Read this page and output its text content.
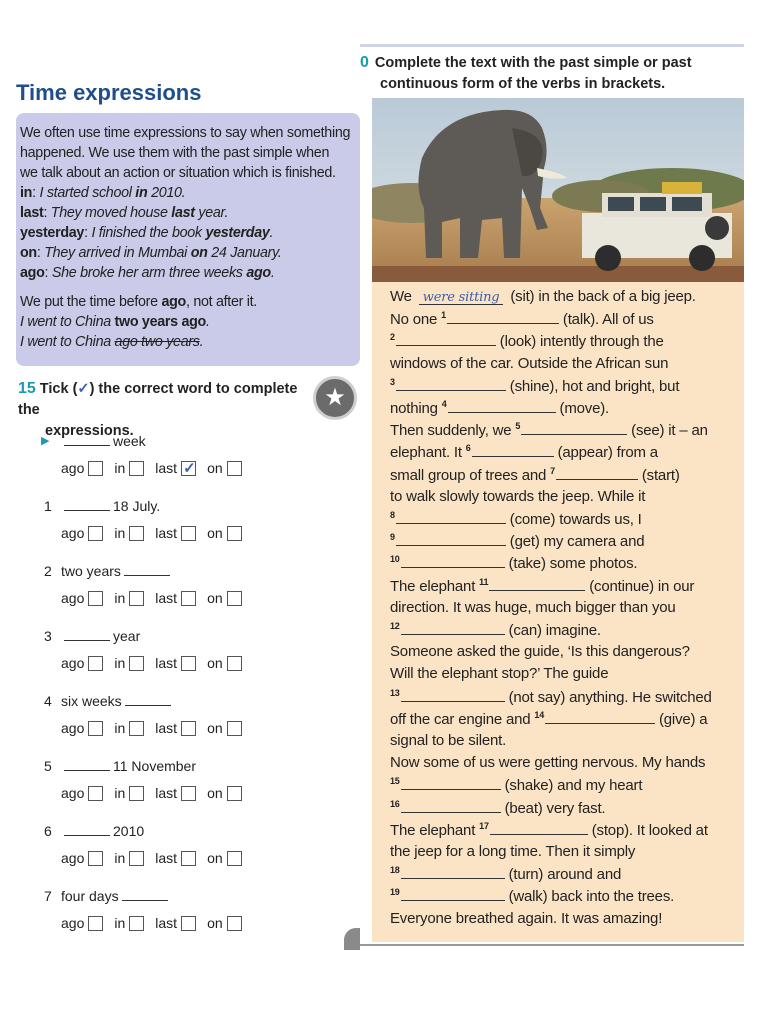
Time expressions

We often use time expressions to say when something

happened. We use them with the past simple when

we talk about an action or situation which is finished.

in: I started school in 2010.

last: They moved house last year.

yesterday: I finished the book yesterday.

on: They arrived in Mumbai on 24 January.

ago: She broke her arm three weeks ago.

We put the time before ago, not after it.

I went to China two years ago.

I went to China ago two years.

15 Tick (✓) the correct word to complete the
expressions.
★
▶	week
ago in last✓ on
1	18 July.
ago in last on
2 two years
ago in last on
3	year
ago in last on
4 six weeks
ago in last on
5	11 November
ago in last on
6	2010
ago in last on
7 four days
ago in last on
0 Complete the text with the past simple or past
continuous form of the verbs in brackets.
We were sitting (sit) in the back of a big jeep.
No one $^1$	(talk). All of us
$^2$	(look) intently through the
windows of the car. Outside the African sun
$^3$	(shine), hot and bright, but
nothing $^4$	(move).
Then suddenly, we $^5$	(see) it – an
elephant. It $^6$	(appear) from a
small group of trees and $^7$	(start)
to walk slowly towards the jeep. While it
$^8$	(come) towards us, I
$^9$	(get) my camera and
$^{10}$	(take) some photos.
The elephant $^{11}$	(continue) in our
direction. It was huge, much bigger than you
$^{12}$	(can) imagine.
Someone asked the guide, ‘Is this dangerous?
Will the elephant stop?’ The guide
$^{13}$	(not say) anything. He switched
off the car engine and $^{14}$	(give) a
signal to be silent.
Now some of us were getting nervous. My hands
$^{15}$	(shake) and my heart
$^{16}$	(beat) very fast.
The elephant $^{17}$	(stop). It looked at
the jeep for a long time. Then it simply
$^{18}$	(turn) around and
$^{19}$	(walk) back into the trees.
Everyone breathed again. It was amazing!
